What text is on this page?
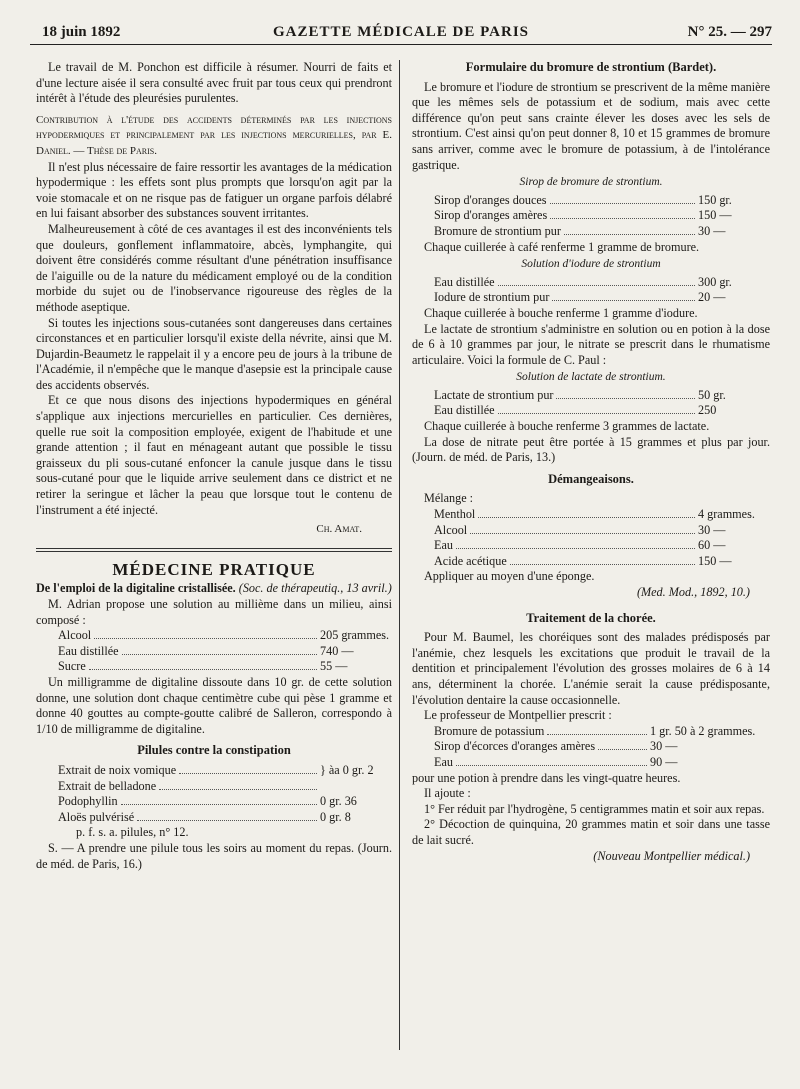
18 juin 1892	GAZETTE MÉDICALE DE PARIS	N° 25. — 297

Le travail de M. Ponchon est difficile à résumer. Nourri de faits et d'une lecture aisée il sera consulté avec fruit par tous ceux qui prendront intérêt à l'étude des pleurésies purulentes.

Contribution à l'étude des accidents déterminés par les injections hypodermiques et principalement par les injections mercurielles, par E. Daniel. — Thèse de Paris.

Il n'est plus nécessaire de faire ressortir les avantages de la médication hypodermique : les effets sont plus prompts que lorsqu'on agit par la voie stomacale et on ne risque pas de fatiguer un organe parfois délabré en lui faisant absorber des substances souvent irritantes.

Malheureusement à côté de ces avantages il est des inconvénients tels que douleurs, gonflement inflammatoire, abcès, lymphangite, qui doivent être considérés comme résultant d'une pénétration insuffisance de l'aiguille ou de la nature du médicament employé ou de la condition morbide du sujet ou de l'inobservance rigoureuse des règles de la méthode aseptique.

Si toutes les injections sous-cutanées sont dangereuses dans certaines circonstances et en particulier lorsqu'il existe della névrite, ainsi que M. Dujardin-Beaumetz le rappelait il y a encore peu de jours à la tribune de l'Académie, il n'empêche que le manque d'asepsie est la principale cause des accidents observés.

Et ce que nous disons des injections hypodermiques en général s'applique aux injections mercurielles en particulier. Ces dernières, quelle rue soit la composition employée, exigent de l'habitude et une grande attention ; il faut en ménageant autant que possible le tissu graisseux du pli sous-cutané enfoncer la canule jusque dans le tissu sous-cutané pour que le liquide arrive seulement dans ce district et ne retirer la seringue et lâcher la peau que lorsque tout le contenu de l'instrument a été injecté.

Ch. Amat.
MÉDECINE PRATIQUE

De l'emploi de la digitaline cristallisée. (Soc. de thérapeutiq., 13 avril.)

M. Adrian propose une solution au millième dans un milieu, ainsi composé :

Alcool	205 grammes.
Eau distillée	740 —
Sucre	55 —

Un milligramme de digitaline dissoute dans 10 gr. de cette solution donne, une solution dont chaque centimètre cube qui pèse 1 gramme et donne 40 gouttes au compte-goutte calibré de Salleron, correspondo à 1/10 de milligramme de digitaline.

Pilules contre la constipation
Extrait de noix vomique	} àa 0 gr. 2
Extrait de belladone
Podophyllin	0 gr. 36
Aloës pulvérisé	0 gr. 8

p. f. s. a. pilules, n° 12.

S. — A prendre une pilule tous les soirs au moment du repas. (Journ. de méd. de Paris, 16.)

Formulaire du bromure de strontium (Bardet).

Le bromure et l'iodure de strontium se prescrivent de la même manière que les mêmes sels de potassium et de sodium, mais avec cette différence qu'on peut sans crainte élever les doses avec les sels de strontium. C'est ainsi qu'on peut donner 8, 10 et 15 grammes de bromure sans arriver, comme avec le bromure de potassium, à de l'intolérance gastrique.

Sirop de bromure de strontium.
Sirop d'oranges douces	150 gr.
Sirop d'oranges amères	150 —
Bromure de strontium pur	30 —

Chaque cuillerée à café renferme 1 gramme de bromure.

Solution d'iodure de strontium
Eau distillée	300 gr.
Iodure de strontium pur	20 —

Chaque cuillerée à bouche renferme 1 gramme d'iodure.

Le lactate de strontium s'administre en solution ou en potion à la dose de 6 à 10 grammes par jour, le nitrate se prescrit dans le rhumatisme articulaire. Voici la formule de C. Paul :

Solution de lactate de strontium.
Lactate de strontium pur	50 gr.
Eau distillée	250

Chaque cuillerée à bouche renferme 3 grammes de lactate.

La dose de nitrate peut être portée à 15 grammes et plus par jour. (Journ. de méd. de Paris, 13.)

Démangeaisons.

Mélange :

Menthol	4 grammes.
Alcool	30 —
Eau	60 —
Acide acétique	150 —

Appliquer au moyen d'une éponge.

(Med. Mod., 1892, 10.)
Traitement de la chorée.

Pour M. Baumel, les choréiques sont des malades prédisposés par l'anémie, chez lesquels les excitations que produit le travail de la dentition et principalement l'évolution des grosses molaires de 6 à 14 ans, déterminent la chorée. L'anémie serait la cause prédisposante, l'évolution dentaire la cause occasionnelle.

Le professeur de Montpellier prescrit :

Bromure de potassium	1 gr. 50 à 2 grammes.
Sirop d'écorces d'oranges amères	30 —
Eau	90 —

pour une potion à prendre dans les vingt-quatre heures.

Il ajoute :

1° Fer réduit par l'hydrogène, 5 centigrammes matin et soir aux repas.

2° Décoction de quinquina, 20 grammes matin et soir dans une tasse de lait sucré.

(Nouveau Montpellier médical.)
